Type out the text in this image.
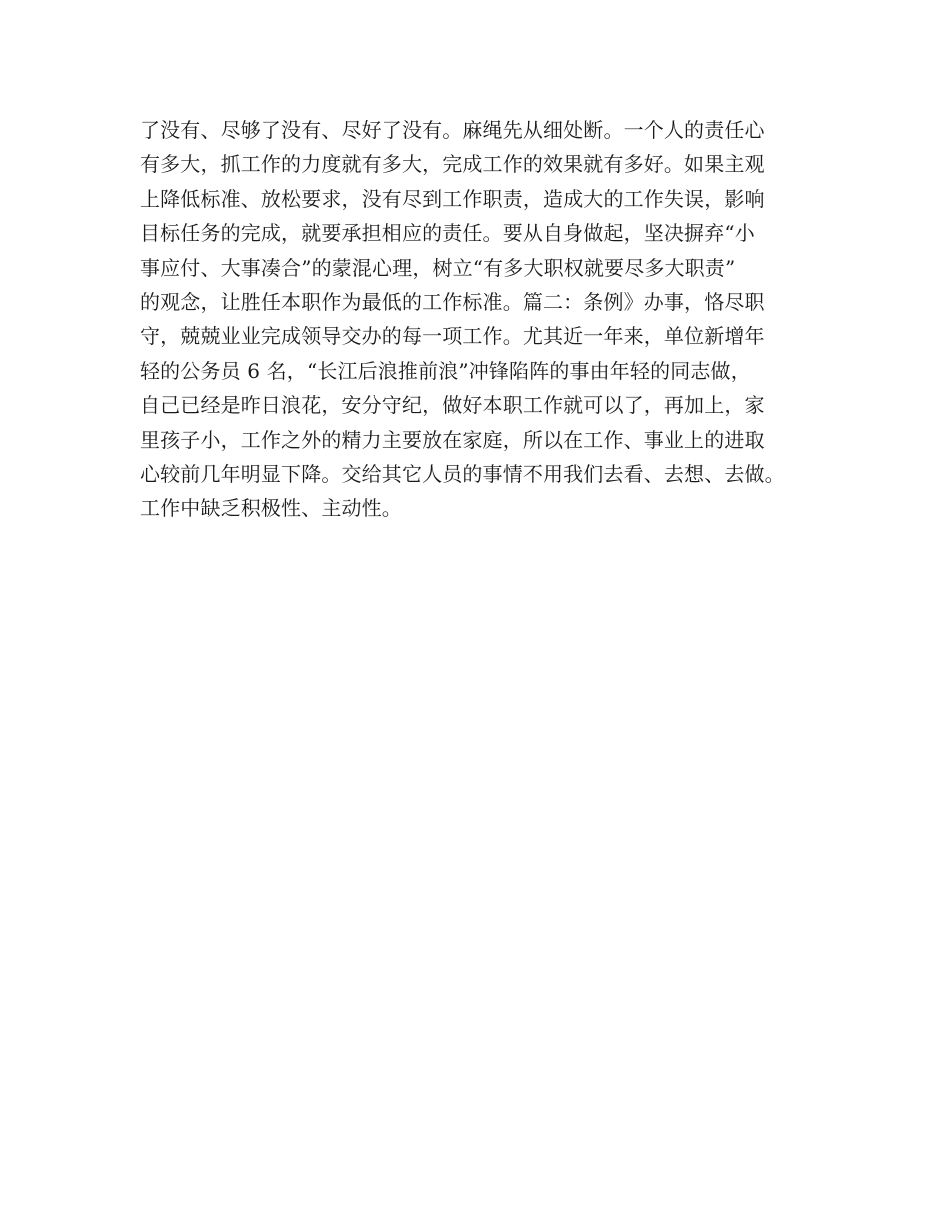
了没有、尽够了没有、尽好了没有。麻绳先从细处断。一个人的责任心
有多大，抓工作的力度就有多大，完成工作的效果就有多好。如果主观
上降低标准、放松要求，没有尽到工作职责，造成大的工作失误，影响
目标任务的完成，就要承担相应的责任。要从自身做起，坚决摒弃“小
事应付、大事凑合”的蒙混心理，树立“有多大职权就要尽多大职责”
的观念，让胜任本职作为最低的工作标准。篇二：条例》办事，恪尽职
守，兢兢业业完成领导交办的每一项工作。尤其近一年来，单位新增年
轻的公务员 6 名，“长江后浪推前浪”冲锋陷阵的事由年轻的同志做，
自己已经是昨日浪花，安分守纪，做好本职工作就可以了，再加上，家
里孩子小，工作之外的精力主要放在家庭，所以在工作、事业上的进取
心较前几年明显下降。交给其它人员的事情不用我们去看、去想、去做。
工作中缺乏积极性、主动性。
